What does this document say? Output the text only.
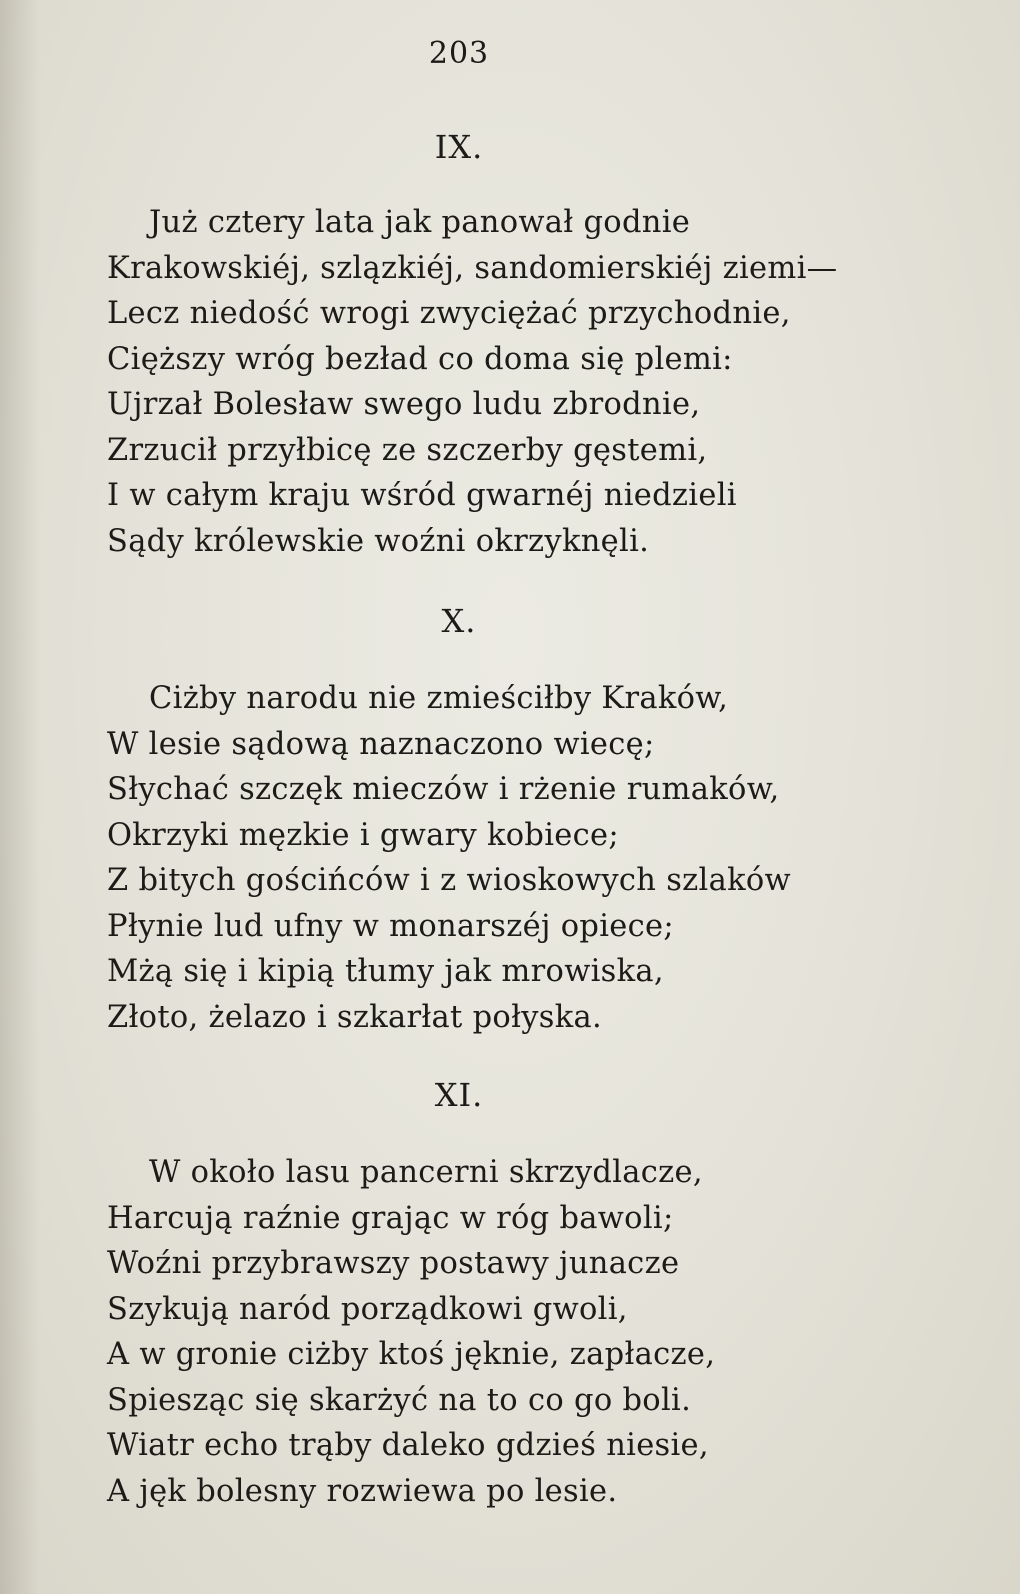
203
IX.
Już cztery lata jak panował godnie
Krakowskiéj, szlązkiéj, sandomierskiéj ziemi—
Lecz niedość wrogi zwyciężać przychodnie,
Cięższy wróg bezład co doma się plemi:
Ujrzał Bolesław swego ludu zbrodnie,
Zrzucił przyłbicę ze szczerby gęstemi,
I w całym kraju wśród gwarnéj niedzieli
Sądy królewskie woźni okrzyknęli.
X.
Ciżby narodu nie zmieściłby Kraków,
W lesie sądową naznaczono wiecę;
Słychać szczęk mieczów i rżenie rumaków,
Okrzyki męzkie i gwary kobiece;
Z bitych gościńców i z wioskowych szlaków
Płynie lud ufny w monarszéj opiece;
Mżą się i kipią tłumy jak mrowiska,
Złoto, żelazo i szkarłat połyska.
XI.
W około lasu pancerni skrzydlacze,
Harcują raźnie grając w róg bawoli;
Woźni przybrawszy postawy junacze
Szykują naród porządkowi gwoli,
A w gronie ciżby ktoś jęknie, zapłacze,
Spiesząc się skarżyć na to co go boli.
Wiatr echo trąby daleko gdzieś niesie,
A jęk bolesny rozwiewa po lesie.
